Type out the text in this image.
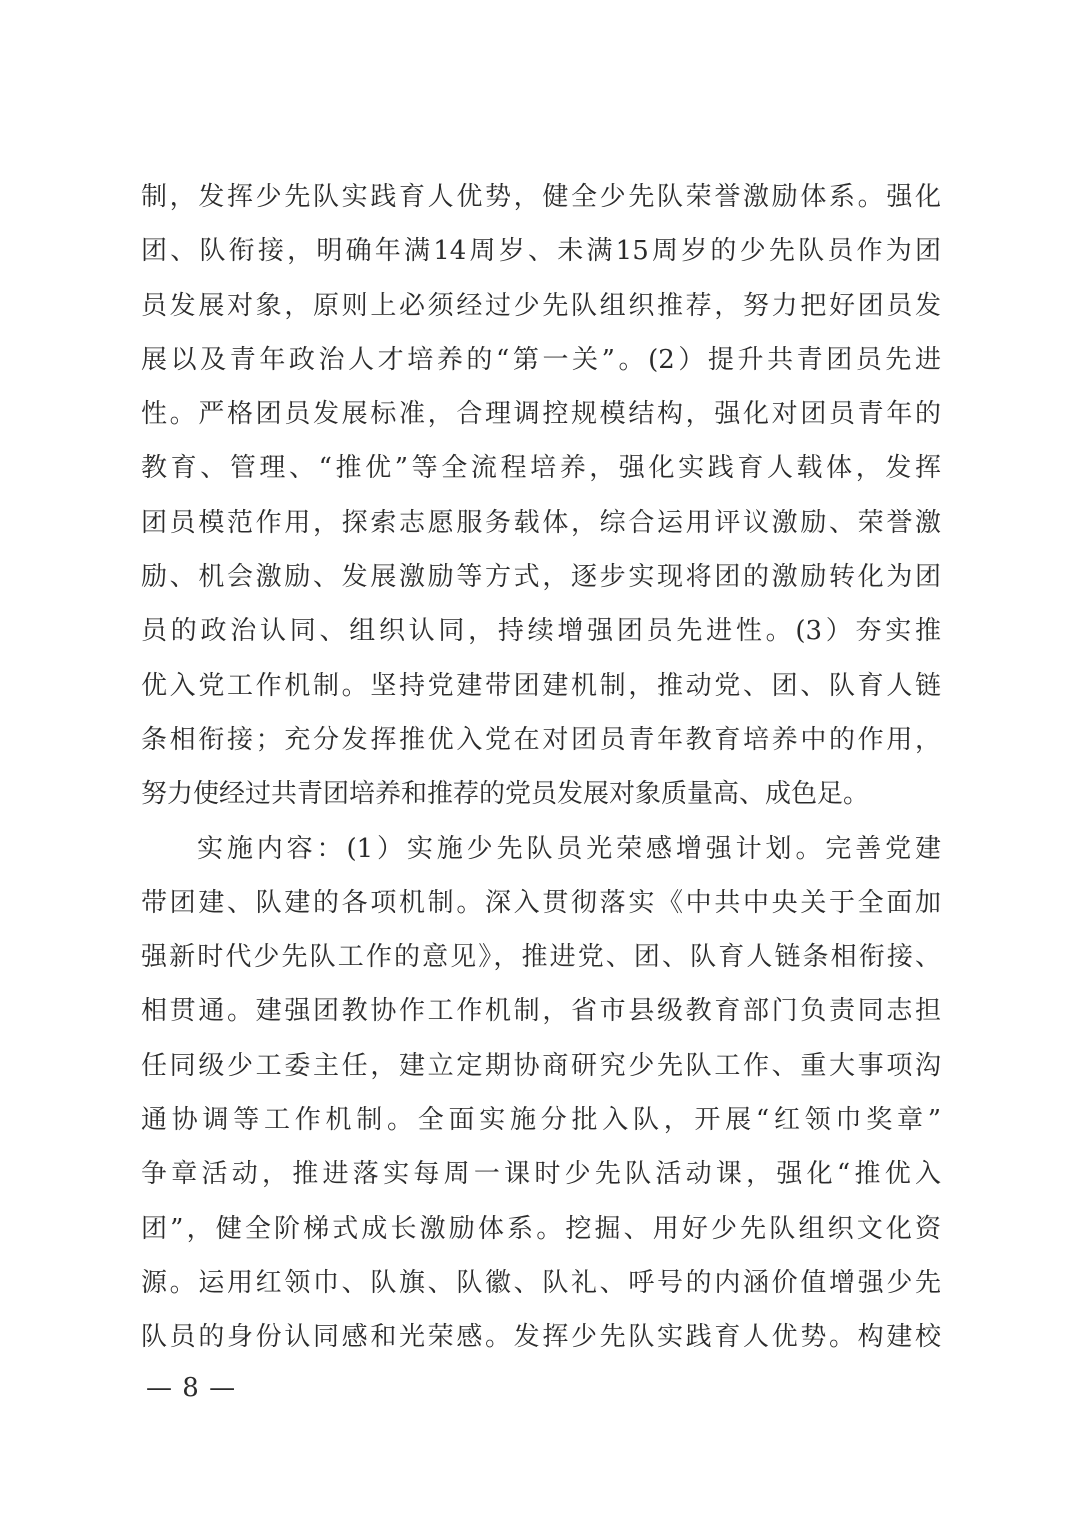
制，发挥少先队实践育人优势，健全少先队荣誉激励体系。强化
团、队衔接，明确年满14周岁、未满15周岁的少先队员作为团
员发展对象，原则上必须经过少先队组织推荐，努力把好团员发
展以及青年政治人才培养的“第一关”。(2）提升共青团员先进
性。严格团员发展标准，合理调控规模结构，强化对团员青年的
教育、管理、“推优”等全流程培养，强化实践育人载体，发挥
团员模范作用，探索志愿服务载体，综合运用评议激励、荣誉激
励、机会激励、发展激励等方式，逐步实现将团的激励转化为团
员的政治认同、组织认同，持续增强团员先进性。(3）夯实推
优入党工作机制。坚持党建带团建机制，推动党、团、队育人链
条相衔接；充分发挥推优入党在对团员青年教育培养中的作用，
努力使经过共青团培养和推荐的党员发展对象质量高、成色足。
实施内容：(1）实施少先队员光荣感增强计划。完善党建
带团建、队建的各项机制。深入贯彻落实《中共中央关于全面加
强新时代少先队工作的意见》，推进党、团、队育人链条相衔接、
相贯通。建强团教协作工作机制，省市县级教育部门负责同志担
任同级少工委主任，建立定期协商研究少先队工作、重大事项沟
通协调等工作机制。全面实施分批入队，开展“红领巾奖章”
争章活动，推进落实每周一课时少先队活动课，强化“推优入
团”，健全阶梯式成长激励体系。挖掘、用好少先队组织文化资
源。运用红领巾、队旗、队徽、队礼、呼号的内涵价值增强少先
队员的身份认同感和光荣感。发挥少先队实践育人优势。构建校
— 8 —
